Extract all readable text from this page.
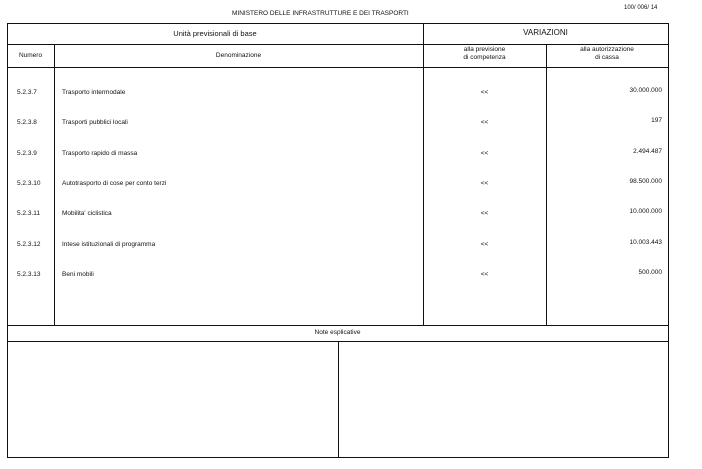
MINISTERO DELLE INFRASTRUTTURE E DEI TRASPORTI
100/ 006/ 14
Unità previsionali di base	VARIAZIONI
Numero	Denominazione
alla previsione
di competenza
alla autorizzazione
di cassa
5.2.3.7	Trasporto intermodale	<<	30.000.000
5.2.3.8	Trasporti pubblici locali	<<	197
5.2.3.9	Trasporto rapido di massa	<<	2.494.487
5.2.3.10	Autotrasporto di cose per conto terzi	<<	98.500.000
5.2.3.11	Mobilita' ciclistica	<<	10.000.000
5.2.3.12	Intese istituzionali di programma	<<	10.003.443
5.2.3.13	Beni mobili	<<	500.000
Note esplicative
